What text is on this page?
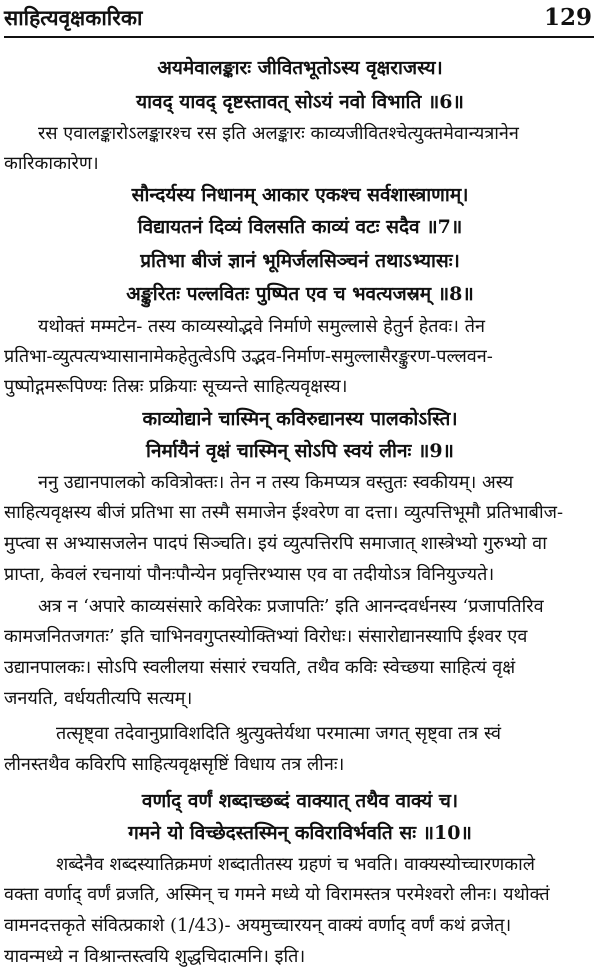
साहित्यवृक्षकारिका	129
अयमेवालङ्कारः जीवितभूतोऽस्य वृक्षराजस्य।
यावद् यावद् दृष्टस्तावत् सोऽयं नवो विभाति ॥6॥
रस एवालङ्कारोऽलङ्कारश्च रस इति अलङ्कारः काव्यजीवितश्चेत्युक्तमेवान्यत्रानेन
कारिकाकारेण।
सौन्दर्यस्य निधानम् आकार एकश्च सर्वशास्त्राणाम्।
विद्यायतनं दिव्यं विलसति काव्यं वटः सदैव ॥7॥
प्रतिभा बीजं ज्ञानं भूमिर्जलसिञ्चनं तथाऽभ्यासः।
अङ्कुरितः पल्लवितः पुष्पित एव च भवत्यजस्रम् ॥8॥
यथोक्तं मम्मटेन- तस्य काव्यस्योद्भवे निर्माणे समुल्लासे हेतुर्न हेतवः। तेन
प्रतिभा-व्युत्पत्यभ्यासानामेकहेतुत्वेऽपि उद्भव-निर्माण-समुल्लासैरङ्कुरण-पल्लवन-
पुष्पोद्गमरूपिण्यः तिस्रः प्रक्रियाः सूच्यन्ते साहित्यवृक्षस्य।
काव्योद्याने चास्मिन् कविरुद्यानस्य पालकोऽस्ति।
निर्मायैनं वृक्षं चास्मिन् सोऽपि स्वयं लीनः ॥9॥
ननु उद्यानपालको कवित्रोक्तः। तेन न तस्य किमप्यत्र वस्तुतः स्वकीयम्। अस्य
साहित्यवृक्षस्य बीजं प्रतिभा सा तस्मै समाजेन ईश्वरेण वा दत्ता। व्युत्पत्तिभूमौ प्रतिभाबीज-
मुप्त्वा स अभ्यासजलेन पादपं सिञ्चति। इयं व्युत्पत्तिरपि समाजात् शास्त्रेभ्यो गुरुभ्यो वा
प्राप्ता, केवलं रचनायां पौनःपौन्येन प्रवृत्तिरभ्यास एव वा तदीयोऽत्र विनियुज्यते।
अत्र न ‘अपारे काव्यसंसारे कविरेकः प्रजापतिः’ इति आनन्दवर्धनस्य ‘प्रजापतिरिव
कामजनितजगतः’ इति चाभिनवगुप्तस्योक्तिभ्यां विरोधः। संसारोद्यानस्यापि ईश्वर एव
उद्यानपालकः। सोऽपि स्वलीलया संसारं रचयति, तथैव कविः स्वेच्छया साहित्यं वृक्षं
जनयति, वर्धयतीत्यपि सत्यम्।
तत्सृष्ट्वा तदेवानुप्राविशदिति श्रुत्युक्तेर्यथा परमात्मा जगत् सृष्ट्वा तत्र स्वं
लीनस्तथैव कविरपि साहित्यवृक्षसृष्टिं विधाय तत्र लीनः।
वर्णाद् वर्णं शब्दाच्छब्दं वाक्यात् तथैव वाक्यं च।
गमने यो विच्छेदस्तस्मिन् कविराविर्भवति सः ॥10॥
शब्देनैव शब्दस्यातिक्रमणं शब्दातीतस्य ग्रहणं च भवति। वाक्यस्योच्चारणकाले
वक्ता वर्णाद् वर्णं व्रजति, अस्मिन् च गमने मध्ये यो विरामस्तत्र परमेश्वरो लीनः। यथोक्तं
वामनदत्तकृते संवित्प्रकाशे (1/43)- अयमुच्चारयन् वाक्यं वर्णाद् वर्णं कथं व्रजेत्।
यावन्मध्ये न विश्रान्तस्त्वयि शुद्धचिदात्मनि। इति।
